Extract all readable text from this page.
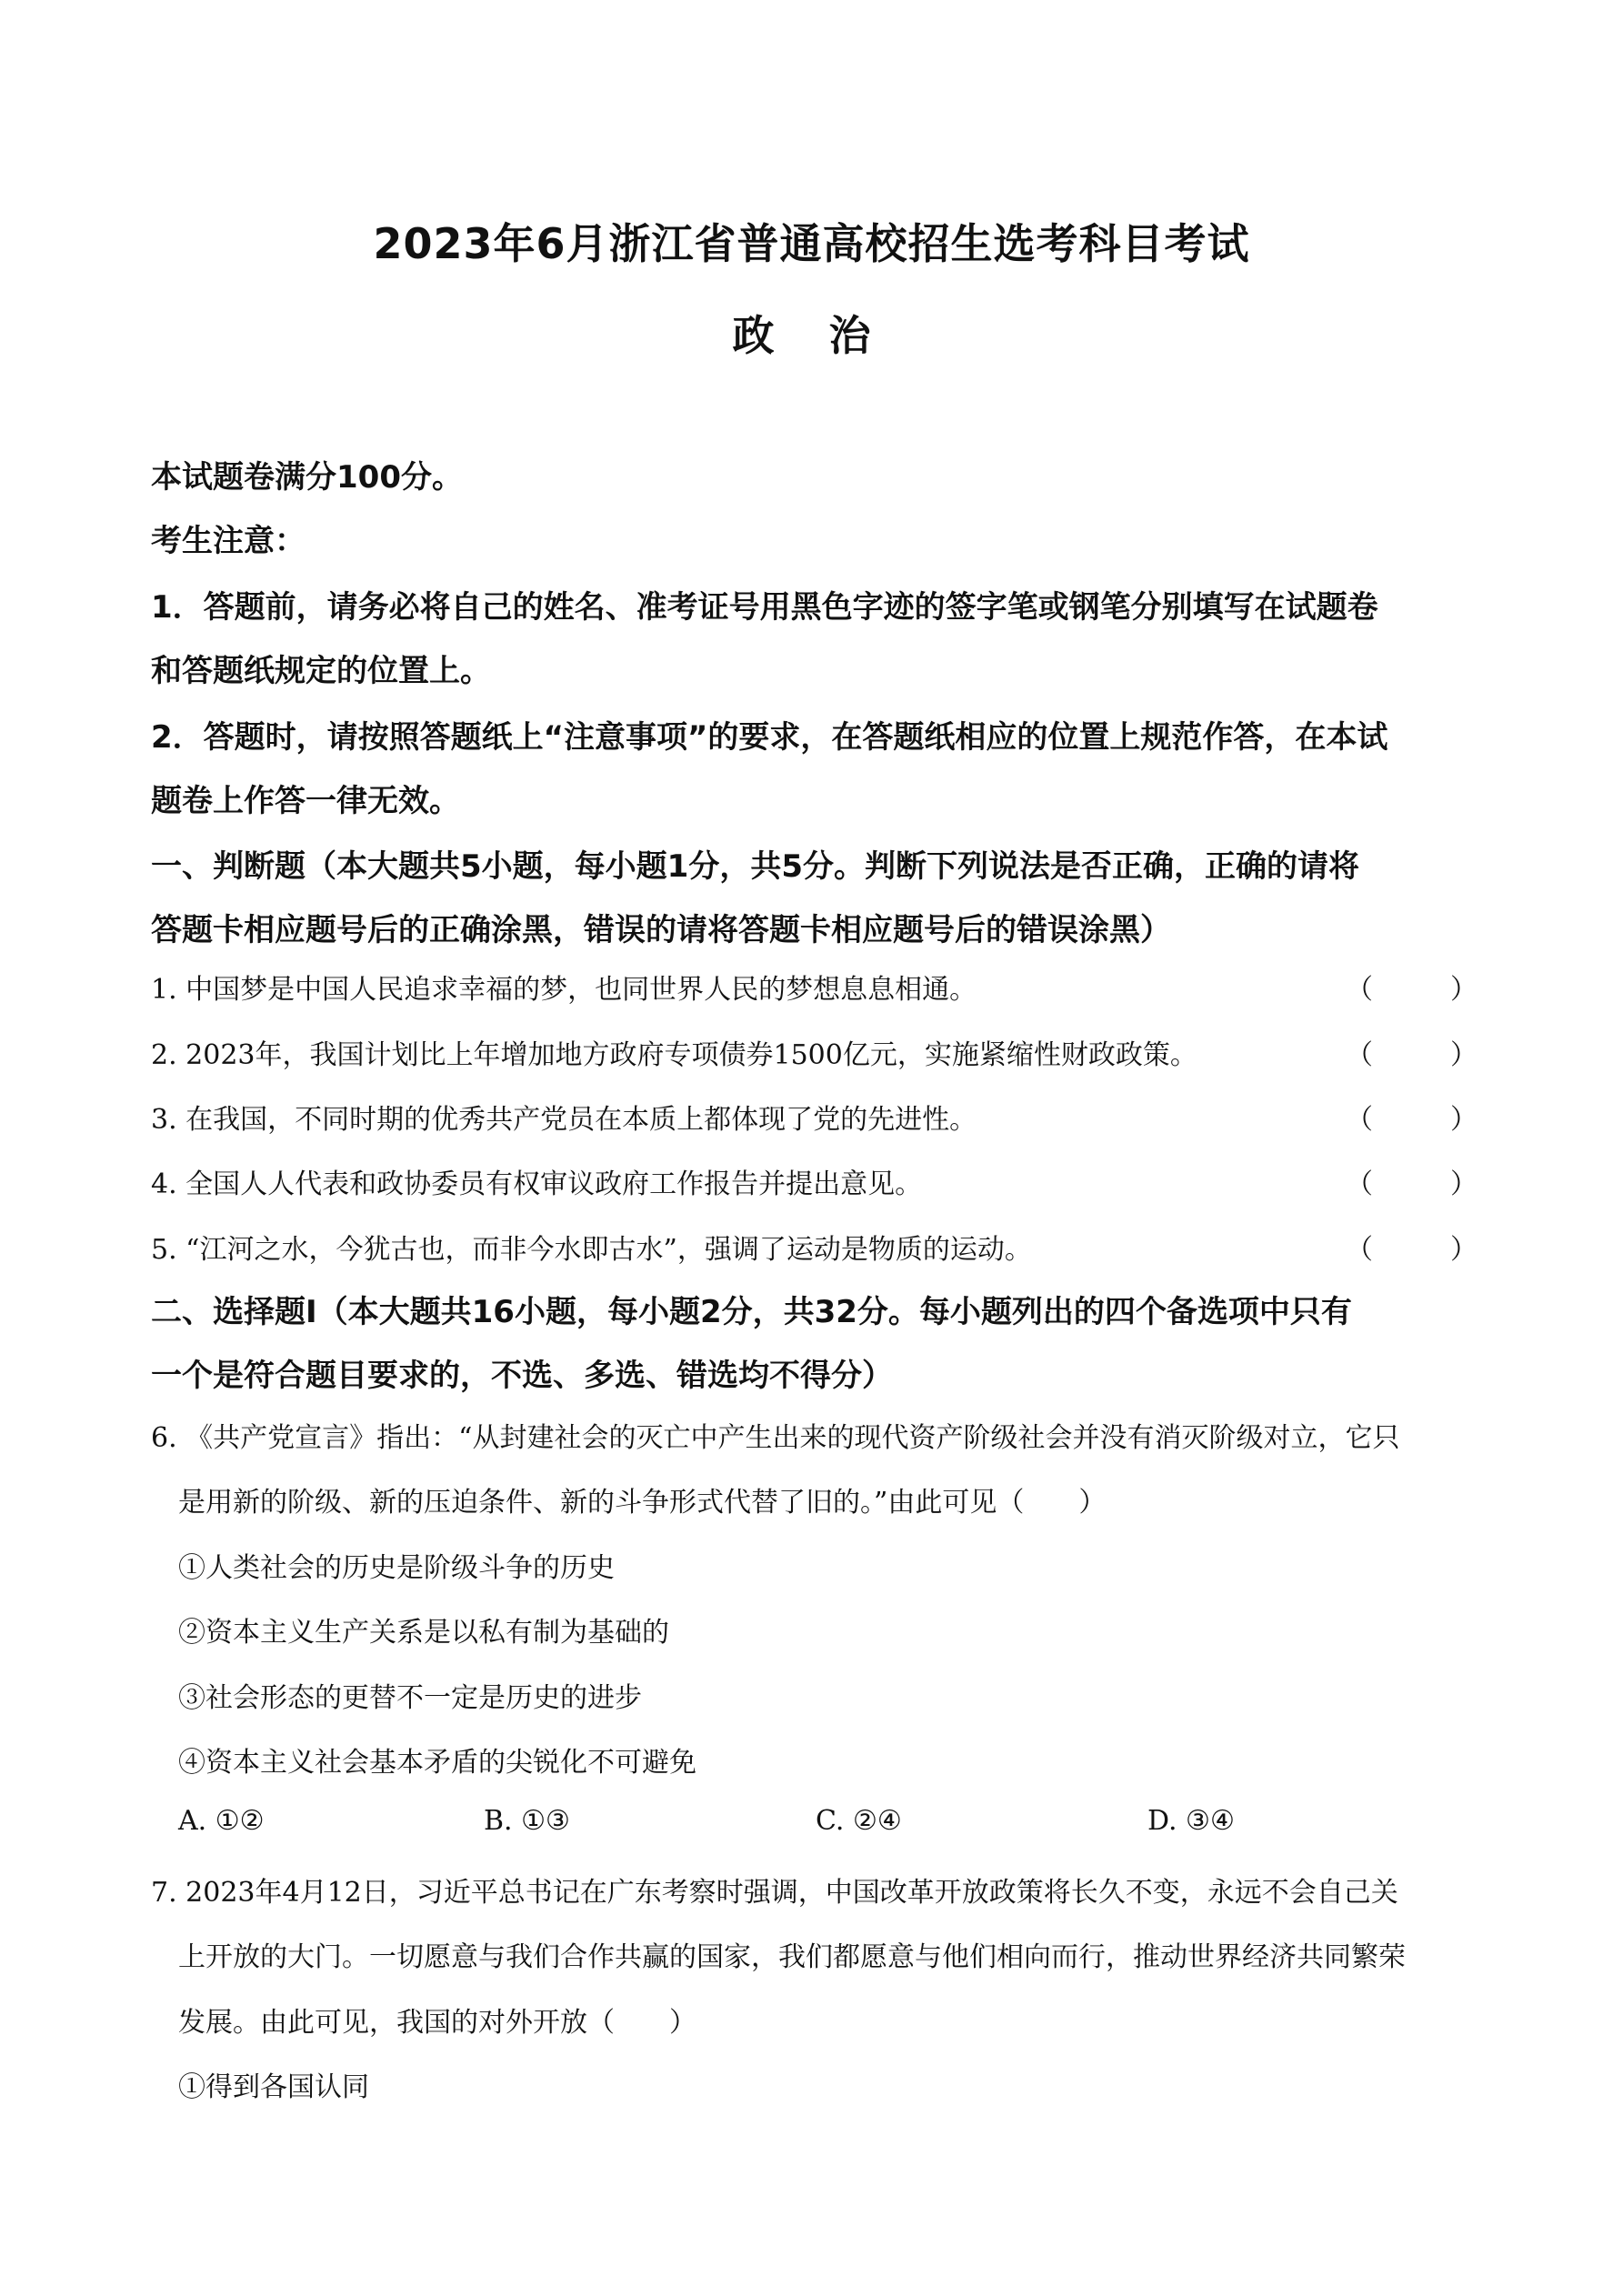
2023年6月浙江省普通高校招生选考科目考试
政 治
本试题卷满分100分。
考生注意：
1．答题前，请务必将自己的姓名、准考证号用黑色字迹的签字笔或钢笔分别填写在试题卷
和答题纸规定的位置上。
2．答题时，请按照答题纸上“注意事项”的要求，在答题纸相应的位置上规范作答，在本试
题卷上作答一律无效。
一、判断题（本大题共5小题，每小题1分，共5分。判断下列说法是否正确，正确的请将
答题卡相应题号后的正确涂黑，错误的请将答题卡相应题号后的错误涂黑）
1. 中国梦是中国人民追求幸福的梦，也同世界人民的梦想息息相通。	（	）
2. 2023年，我国计划比上年增加地方政府专项债券1500亿元，实施紧缩性财政政策。	（	）
3. 在我国，不同时期的优秀共产党员在本质上都体现了党的先进性。	（	）
4. 全国人人代表和政协委员有权审议政府工作报告并提出意见。	（	）
5. “江河之水，今犹古也，而非今水即古水”，强调了运动是物质的运动。	（	）
二、选择题I（本大题共16小题，每小题2分，共32分。每小题列出的四个备选项中只有
一个是符合题目要求的，不选、多选、错选均不得分）
6. 《共产党宣言》指出：“从封建社会的灭亡中产生出来的现代资产阶级社会并没有消灭阶级对立，它只
是用新的阶级、新的压迫条件、新的斗争形式代替了旧的。”由此可见（　　）
①人类社会的历史是阶级斗争的历史
②资本主义生产关系是以私有制为基础的
③社会形态的更替不一定是历史的进步
④资本主义社会基本矛盾的尖锐化不可避免
A. ①②	B. ①③	C. ②④	D. ③④
7. 2023年4月12日，习近平总书记在广东考察时强调，中国改革开放政策将长久不变，永远不会自己关
上开放的大门。一切愿意与我们合作共赢的国家，我们都愿意与他们相向而行，推动世界经济共同繁荣
发展。由此可见，我国的对外开放（　　）
①得到各国认同
